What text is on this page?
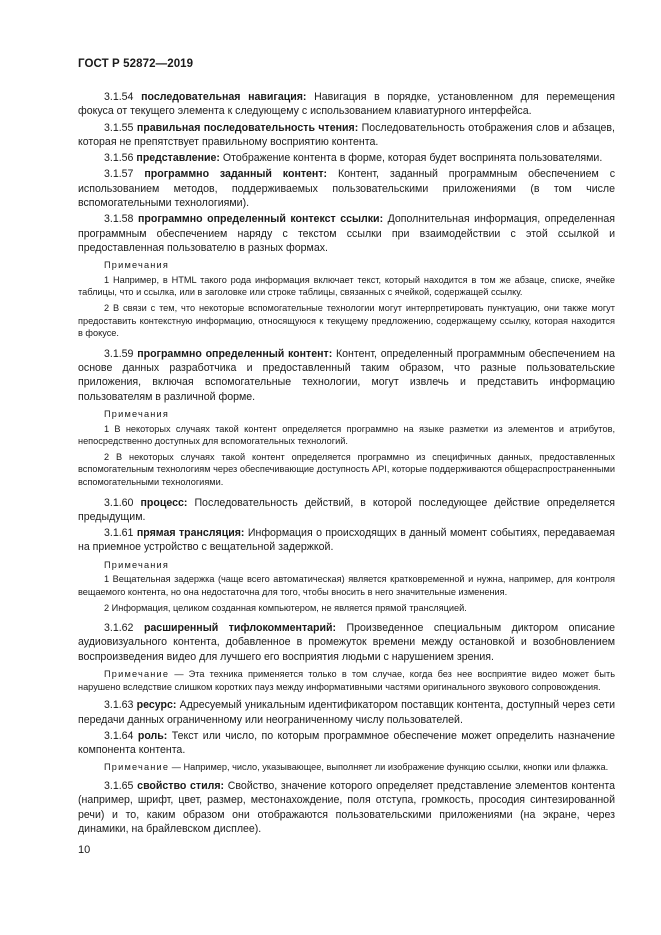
ГОСТ Р 52872—2019

3.1.54 последовательная навигация: Навигация в порядке, установленном для перемещения фокуса от текущего элемента к следующему с использованием клавиатурного интерфейса.

3.1.55 правильная последовательность чтения: Последовательность отображения слов и абзацев, которая не препятствует правильному восприятию контента.

3.1.56 представление: Отображение контента в форме, которая будет воспринята пользователями.

3.1.57 программно заданный контент: Контент, заданный программным обеспечением с использованием методов, поддерживаемых пользовательскими приложениями (в том числе вспомогательными технологиями).

3.1.58 программно определенный контекст ссылки: Дополнительная информация, определенная программным обеспечением наряду с текстом ссылки при взаимодействии с этой ссылкой и предоставленная пользователю в разных формах.

Примечания

1 Например, в HTML такого рода информация включает текст, который находится в том же абзаце, списке, ячейке таблицы, что и ссылка, или в заголовке или строке таблицы, связанных с ячейкой, содержащей ссылку.

2 В связи с тем, что некоторые вспомогательные технологии могут интерпретировать пунктуацию, они также могут предоставить контекстную информацию, относящуюся к текущему предложению, содержащему ссылку, которая находится в фокусе.

3.1.59 программно определенный контент: Контент, определенный программным обеспечением на основе данных разработчика и предоставленный таким образом, что разные пользовательские приложения, включая вспомогательные технологии, могут извлечь и представить информацию пользователям в различной форме.

Примечания

1 В некоторых случаях такой контент определяется программно на языке разметки из элементов и атрибутов, непосредственно доступных для вспомогательных технологий.

2 В некоторых случаях такой контент определяется программно из специфичных данных, предоставленных вспомогательным технологиям через обеспечивающие доступность API, которые поддерживаются общераспространенными вспомогательными технологиями.

3.1.60 процесс: Последовательность действий, в которой последующее действие определяется предыдущим.

3.1.61 прямая трансляция: Информация о происходящих в данный момент событиях, передаваемая на приемное устройство с вещательной задержкой.

Примечания

1 Вещательная задержка (чаще всего автоматическая) является кратковременной и нужна, например, для контроля вещаемого контента, но она недостаточна для того, чтобы вносить в него значительные изменения.

2 Информация, целиком созданная компьютером, не является прямой трансляцией.

3.1.62 расширенный тифлокомментарий: Произведенное специальным диктором описание аудиовизуального контента, добавленное в промежуток времени между остановкой и возобновлением воспроизведения видео для лучшего его восприятия людьми с нарушением зрения.

Примечание — Эта техника применяется только в том случае, когда без нее восприятие видео может быть нарушено вследствие слишком коротких пауз между информативными частями оригинального звукового сопровождения.

3.1.63 ресурс: Адресуемый уникальным идентификатором поставщик контента, доступный через сети передачи данных ограниченному или неограниченному числу пользователей.

3.1.64 роль: Текст или число, по которым программное обеспечение может определить назначение компонента контента.

Примечание — Например, число, указывающее, выполняет ли изображение функцию ссылки, кнопки или флажка.

3.1.65 свойство стиля: Свойство, значение которого определяет представление элементов контента (например, шрифт, цвет, размер, местонахождение, поля отступа, громкость, просодия синтезированной речи) и то, каким образом они отображаются пользовательскими приложениями (на экране, через динамики, на брайлевском дисплее).

10
